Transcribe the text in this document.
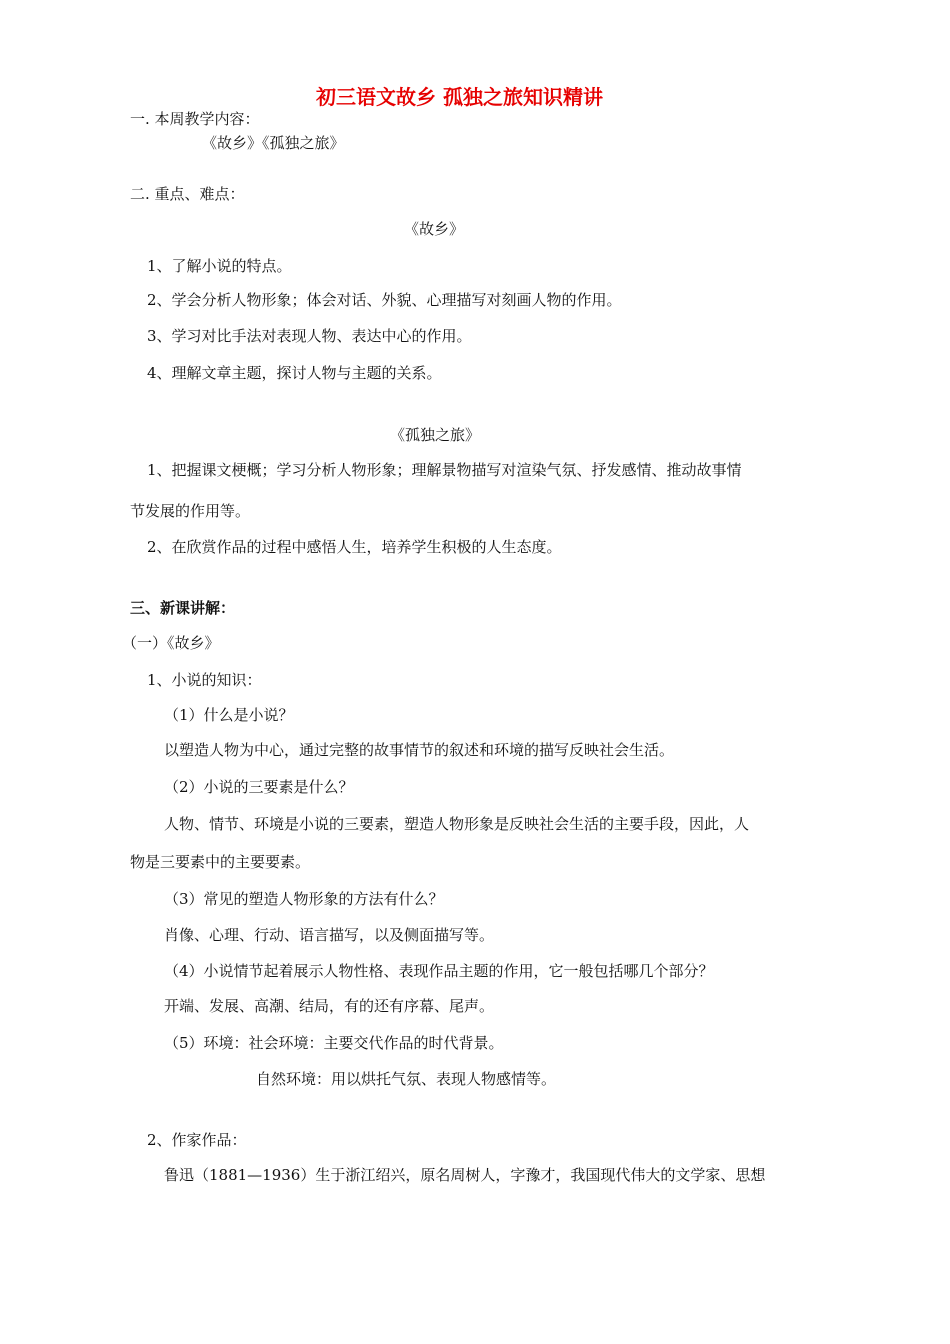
初三语文故乡 孤独之旅知识精讲
一. 本周教学内容：
《故乡》《孤独之旅》
二. 重点、难点：
《故乡》
1、了解小说的特点。
2、学会分析人物形象；体会对话、外貌、心理描写对刻画人物的作用。
3、学习对比手法对表现人物、表达中心的作用。
4、理解文章主题，探讨人物与主题的关系。
《孤独之旅》
1、把握课文梗概；学习分析人物形象；理解景物描写对渲染气氛、抒发感情、推动故事情
节发展的作用等。
2、在欣赏作品的过程中感悟人生，培养学生积极的人生态度。
三、新课讲解：
（一）《故乡》
1、小说的知识：
（1）什么是小说？
以塑造人物为中心，通过完整的故事情节的叙述和环境的描写反映社会生活。
（2）小说的三要素是什么？
人物、情节、环境是小说的三要素，塑造人物形象是反映社会生活的主要手段，因此，人
物是三要素中的主要要素。
（3）常见的塑造人物形象的方法有什么？
肖像、心理、行动、语言描写，以及侧面描写等。
（4）小说情节起着展示人物性格、表现作品主题的作用，它一般包括哪几个部分？
开端、发展、高潮、结局，有的还有序幕、尾声。
（5）环境：社会环境：主要交代作品的时代背景。
自然环境：用以烘托气氛、表现人物感情等。
2、作家作品：
鲁迅（1881—1936）生于浙江绍兴，原名周树人，字豫才，我国现代伟大的文学家、思想
